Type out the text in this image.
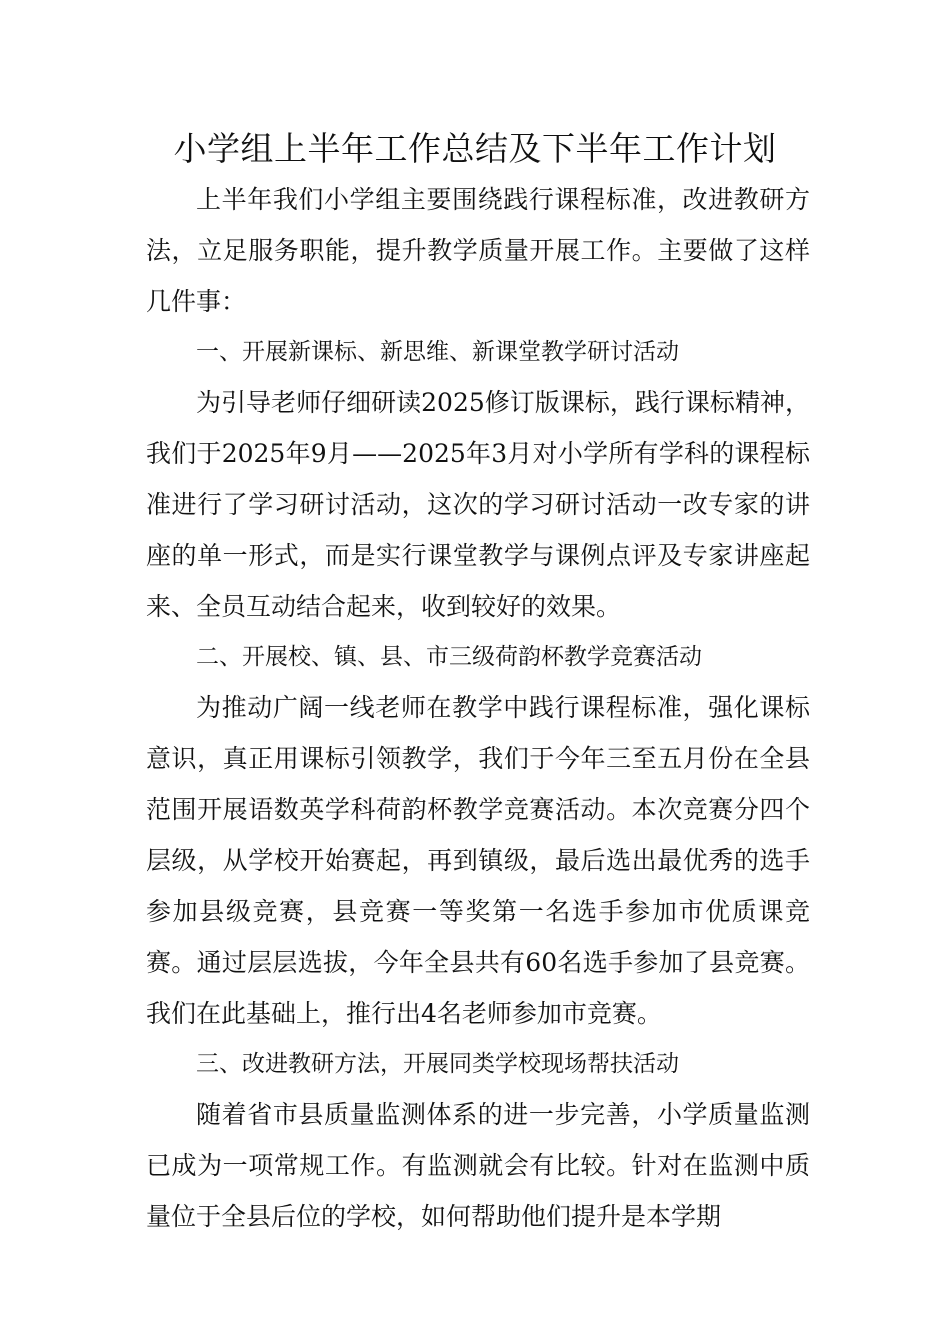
小学组上半年工作总结及下半年工作计划

上半年我们小学组主要围绕践行课程标准，改进教研方法，立足服务职能，提升教学质量开展工作。主要做了这样几件事：

一、开展新课标、新思维、新课堂教学研讨活动

为引导老师仔细研读2025修订版课标，践行课标精神，我们于2025年9月——2025年3月对小学所有学科的课程标准进行了学习研讨活动，这次的学习研讨活动一改专家的讲座的单一形式，而是实行课堂教学与课例点评及专家讲座起来、全员互动结合起来，收到较好的效果。

二、开展校、镇、县、市三级荷韵杯教学竞赛活动

为推动广阔一线老师在教学中践行课程标准，强化课标意识，真正用课标引领教学，我们于今年三至五月份在全县范围开展语数英学科荷韵杯教学竞赛活动。本次竞赛分四个层级，从学校开始赛起，再到镇级，最后选出最优秀的选手参加县级竞赛，县竞赛一等奖第一名选手参加市优质课竞赛。通过层层选拔，今年全县共有60名选手参加了县竞赛。我们在此基础上，推行出4名老师参加市竞赛。

三、改进教研方法，开展同类学校现场帮扶活动

随着省市县质量监测体系的进一步完善，小学质量监测已成为一项常规工作。有监测就会有比较。针对在监测中质量位于全县后位的学校，如何帮助他们提升是本学期
